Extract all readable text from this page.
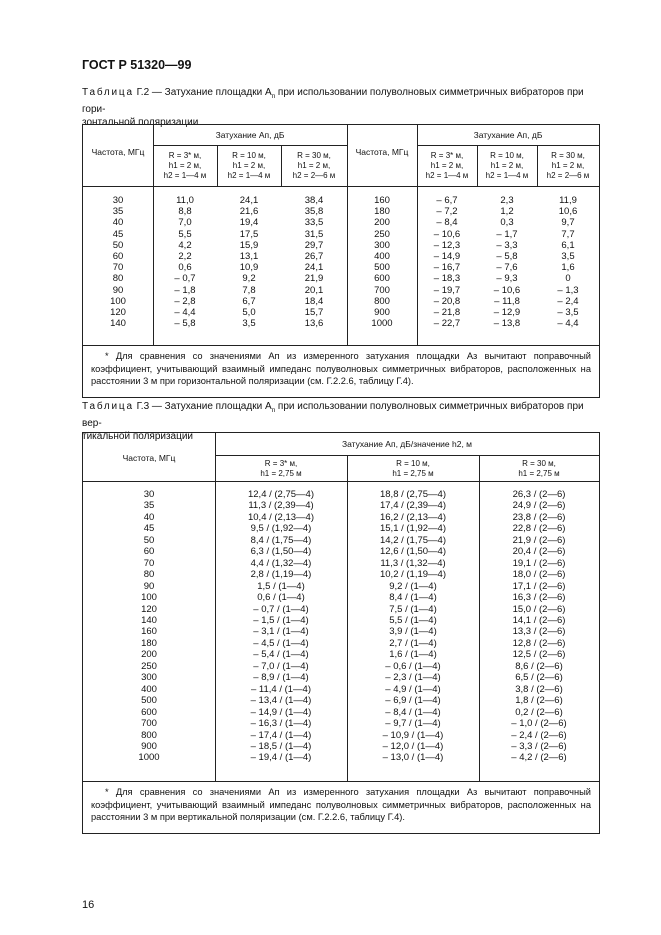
ГОСТ Р 51320—99
Таблица Г.2 — Затухание площадки $A_п$ при использовании полуволновых симметричных вибраторов при гори-
зонтальной поляризации
Частота, МГц	Частота, МГц
Затухание Aп, дБ	Затухание Aп, дБ
R = 3* м,
h1 = 2 м,
h2 = 1—4 м
R = 10 м,
h1 = 2 м,
h2 = 1—4 м
R = 30 м,
h1 = 2 м,
h2 = 2—6 м
R = 3* м,
h1 = 2 м,
h2 = 1—4 м
R = 10 м,
h1 = 2 м,
h2 = 1—4 м
R = 30 м,
h1 = 2 м,
h2 = 2—6 м
30
35
40
45
50
60
70
80
90
100
120
140
11,0
8,8
7,0
5,5
4,2
2,2
0,6
– 0,7
– 1,8
– 2,8
– 4,4
– 5,8
24,1
21,6
19,4
17,5
15,9
13,1
10,9
9,2
7,8
6,7
5,0
3,5
38,4
35,8
33,5
31,5
29,7
26,7
24,1
21,9
20,1
18,4
15,7
13,6
160
180
200
250
300
400
500
600
700
800
900
1000
– 6,7
– 7,2
– 8,4
– 10,6
– 12,3
– 14,9
– 16,7
– 18,3
– 19,7
– 20,8
– 21,8
– 22,7
2,3
1,2
0,3
– 1,7
– 3,3
– 5,8
– 7,6
– 9,3
– 10,6
– 11,8
– 12,9
– 13,8
11,9
10,6
9,7
7,7
6,1
3,5
1,6
0
– 1,3
– 2,4
– 3,5
– 4,4
* Для сравнения со значениями Aп из измеренного затухания площадки Aз вычитают поправочный коэффициент, учитывающий взаимный импеданс полуволновых симметричных вибраторов, расположенных на расстоянии 3 м при горизонтальной поляризации (см. Г.2.2.6, таблицу Г.4).
Таблица Г.3 — Затухание площадки $A_п$ при использовании полуволновых симметричных вибраторов при вер-
тикальной поляризации
Частота, МГц
Затухание Aп, дБ/значение h2, м
R = 3* м,
h1 = 2,75 м
R = 10 м,
h1 = 2,75 м
R = 30 м,
h1 = 2,75 м
30
35
40
45
50
60
70
80
90
100
120
140
160
180
200
250
300
400
500
600
700
800
900
1000
12,4 / (2,75—4)
11,3 / (2,39—4)
10,4 / (2,13—4)
9,5 / (1,92—4)
8,4 / (1,75—4)
6,3 / (1,50—4)
4,4 / (1,32—4)
2,8 / (1,19—4)
1,5 / (1—4)
0,6 / (1—4)
– 0,7 / (1—4)
– 1,5 / (1—4)
– 3,1 / (1—4)
– 4,5 / (1—4)
– 5,4 / (1—4)
– 7,0 / (1—4)
– 8,9 / (1—4)
– 11,4 / (1—4)
– 13,4 / (1—4)
– 14,9 / (1—4)
– 16,3 / (1—4)
– 17,4 / (1—4)
– 18,5 / (1—4)
– 19,4 / (1—4)
18,8 / (2,75—4)
17,4 / (2,39—4)
16,2 / (2,13—4)
15,1 / (1,92—4)
14,2 / (1,75—4)
12,6 / (1,50—4)
11,3 / (1,32—4)
10,2 / (1,19—4)
9,2 / (1—4)
8,4 / (1—4)
7,5 / (1—4)
5,5 / (1—4)
3,9 / (1—4)
2,7 / (1—4)
1,6 / (1—4)
– 0,6 / (1—4)
– 2,3 / (1—4)
– 4,9 / (1—4)
– 6,9 / (1—4)
– 8,4 / (1—4)
– 9,7 / (1—4)
– 10,9 / (1—4)
– 12,0 / (1—4)
– 13,0 / (1—4)
26,3 / (2—6)
24,9 / (2—6)
23,8 / (2—6)
22,8 / (2—6)
21,9 / (2—6)
20,4 / (2—6)
19,1 / (2—6)
18,0 / (2—6)
17,1 / (2—6)
16,3 / (2—6)
15,0 / (2—6)
14,1 / (2—6)
13,3 / (2—6)
12,8 / (2—6)
12,5 / (2—6)
8,6 / (2—6)
6,5 / (2—6)
3,8 / (2—6)
1,8 / (2—6)
0,2 / (2—6)
– 1,0 / (2—6)
– 2,4 / (2—6)
– 3,3 / (2—6)
– 4,2 / (2—6)
* Для сравнения со значениями Aп из измеренного затухания площадки Aз вычитают поправочный коэффициент, учитывающий взаимный импеданс полуволновых симметричных вибраторов, расположенных на расстоянии 3 м при вертикальной поляризации (см. Г.2.2.6, таблицу Г.4).
16
